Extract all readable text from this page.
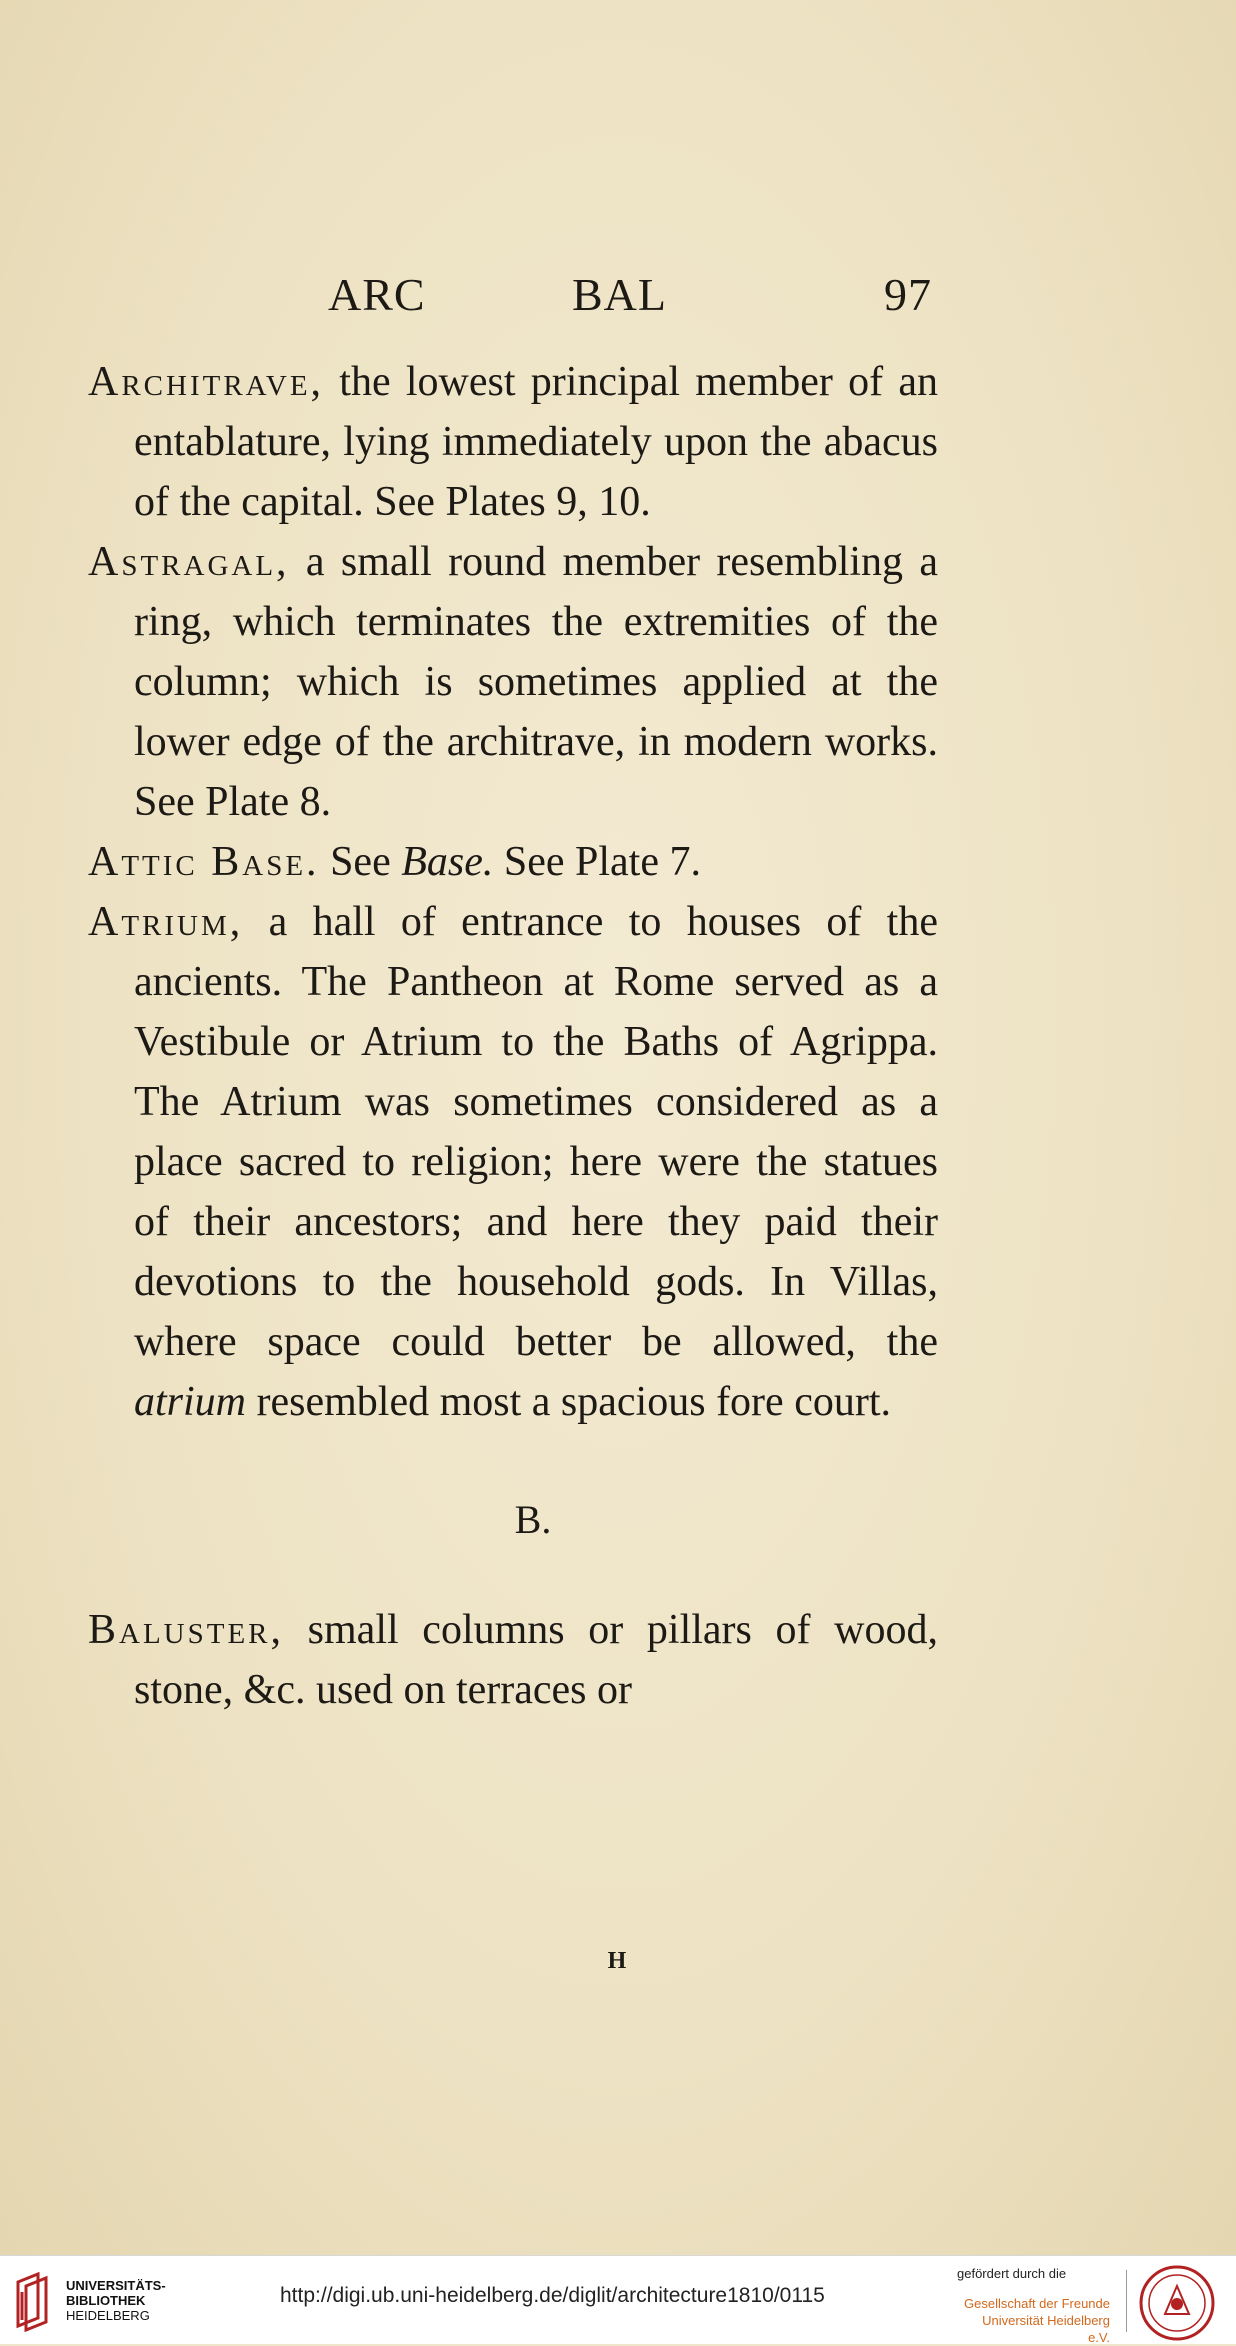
ARC	BAL	97

Architrave, the lowest principal member of an entablature, lying immediately upon the abacus of the capital. See Plates 9, 10.

Astragal, a small round member resembling a ring, which terminates the extremities of the column; which is sometimes applied at the lower edge of the architrave, in modern works. See Plate 8.

Attic Base. See Base. See Plate 7.

Atrium, a hall of entrance to houses of the ancients. The Pantheon at Rome served as a Vestibule or Atrium to the Baths of Agrippa. The Atrium was sometimes considered as a place sacred to religion; here were the statues of their ancestors; and here they paid their devotions to the household gods. In Villas, where space could better be allowed, the atrium resembled most a spacious fore court.

B.

Baluster, small columns or pillars of wood, stone, &c. used on terraces or

H
UNIVERSITÄTS-
BIBLIOTHEK
HEIDELBERG
http://digi.ub.uni-heidelberg.de/diglit/architecture1810/0115
gefördert durch die
Gesellschaft der Freunde
Universität Heidelberg e.V.
